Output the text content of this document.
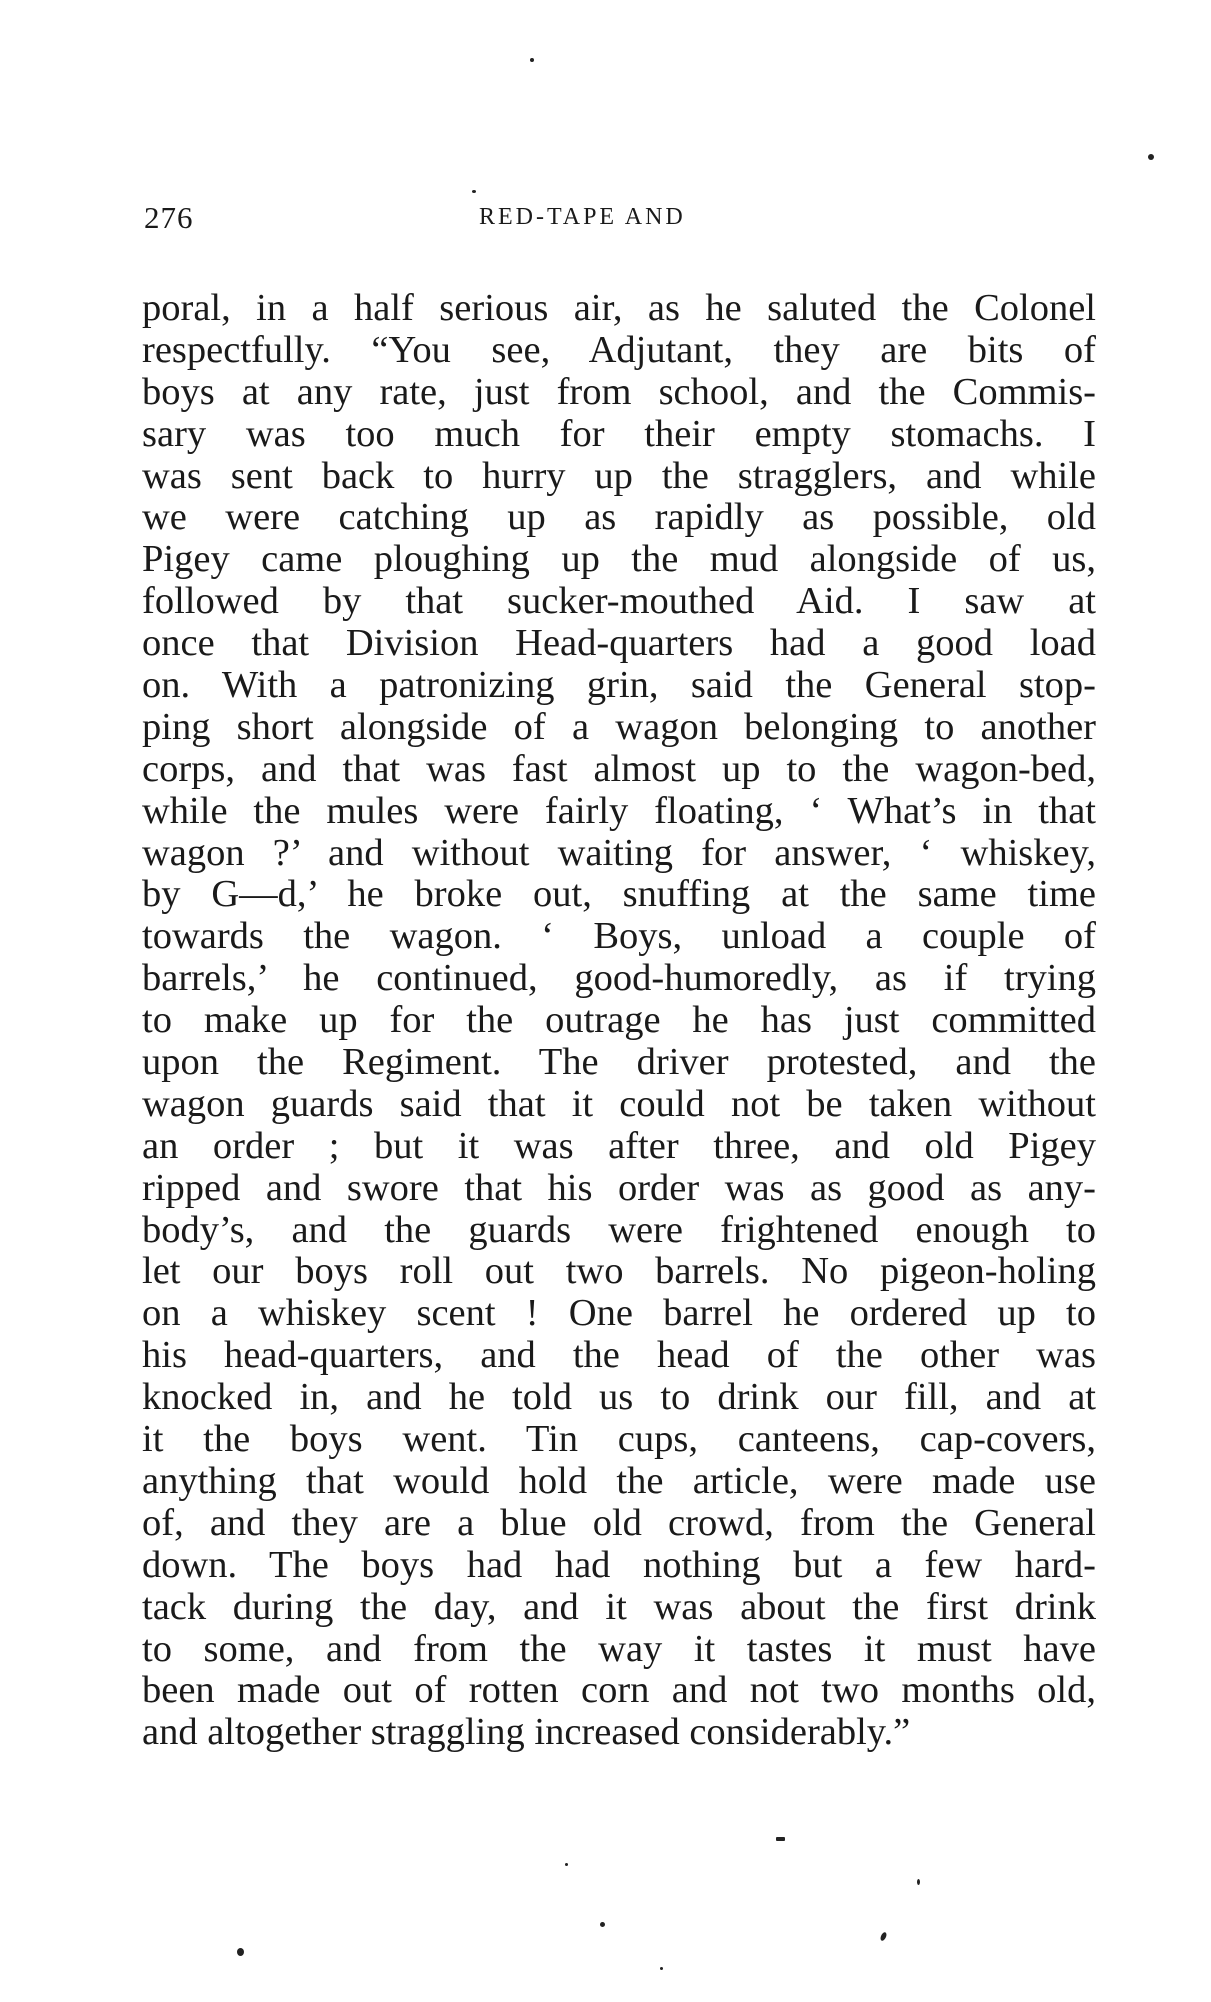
276	RED-TAPE AND
poral, in a half serious air, as he saluted the Colonel
respectfully. “You see, Adjutant, they are bits of
boys at any rate, just from school, and the Commis-
sary was too much for their empty stomachs. I
was sent back to hurry up the stragglers, and while
we were catching up as rapidly as possible, old
Pigey came ploughing up the mud alongside of us,
followed by that sucker-mouthed Aid. I saw at
once that Division Head-quarters had a good load
on. With a patronizing grin, said the General stop-
ping short alongside of a wagon belonging to another
corps, and that was fast almost up to the wagon-bed,
while the mules were fairly floating, ‘ What’s in that
wagon ?’ and without waiting for answer, ‘ whiskey,
by G—d,’ he broke out, snuffing at the same time
towards the wagon. ‘ Boys, unload a couple of
barrels,’ he continued, good-humoredly, as if trying
to make up for the outrage he has just committed
upon the Regiment. The driver protested, and the
wagon guards said that it could not be taken without
an order ; but it was after three, and old Pigey
ripped and swore that his order was as good as any-
body’s, and the guards were frightened enough to
let our boys roll out two barrels. No pigeon-holing
on a whiskey scent ! One barrel he ordered up to
his head-quarters, and the head of the other was
knocked in, and he told us to drink our fill, and at
it the boys went. Tin cups, canteens, cap-covers,
anything that would hold the article, were made use
of, and they are a blue old crowd, from the General
down. The boys had had nothing but a few hard-
tack during the day, and it was about the first drink
to some, and from the way it tastes it must have
been made out of rotten corn and not two months old,
and altogether straggling increased considerably.”
